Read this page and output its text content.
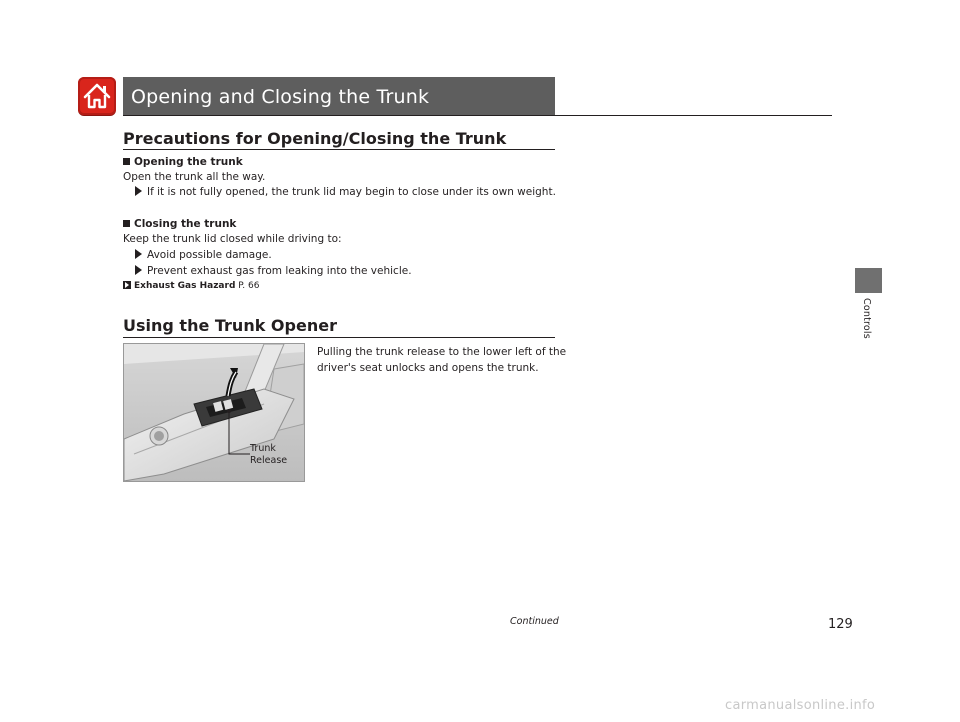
Opening and Closing the Trunk
Controls
Precautions for Opening/Closing the Trunk
Opening the trunk
Open the trunk all the way.
If it is not fully opened, the trunk lid may begin to close under its own weight.
Closing the trunk
Keep the trunk lid closed while driving to:
Avoid possible damage.
Prevent exhaust gas from leaking into the vehicle.
Exhaust Gas Hazard P. 66
Using the Trunk Opener
Trunk
Release
Pulling the trunk release to the lower left of the driver's seat unlocks and opens the trunk.
Continued	129
carmanualsonline.info
